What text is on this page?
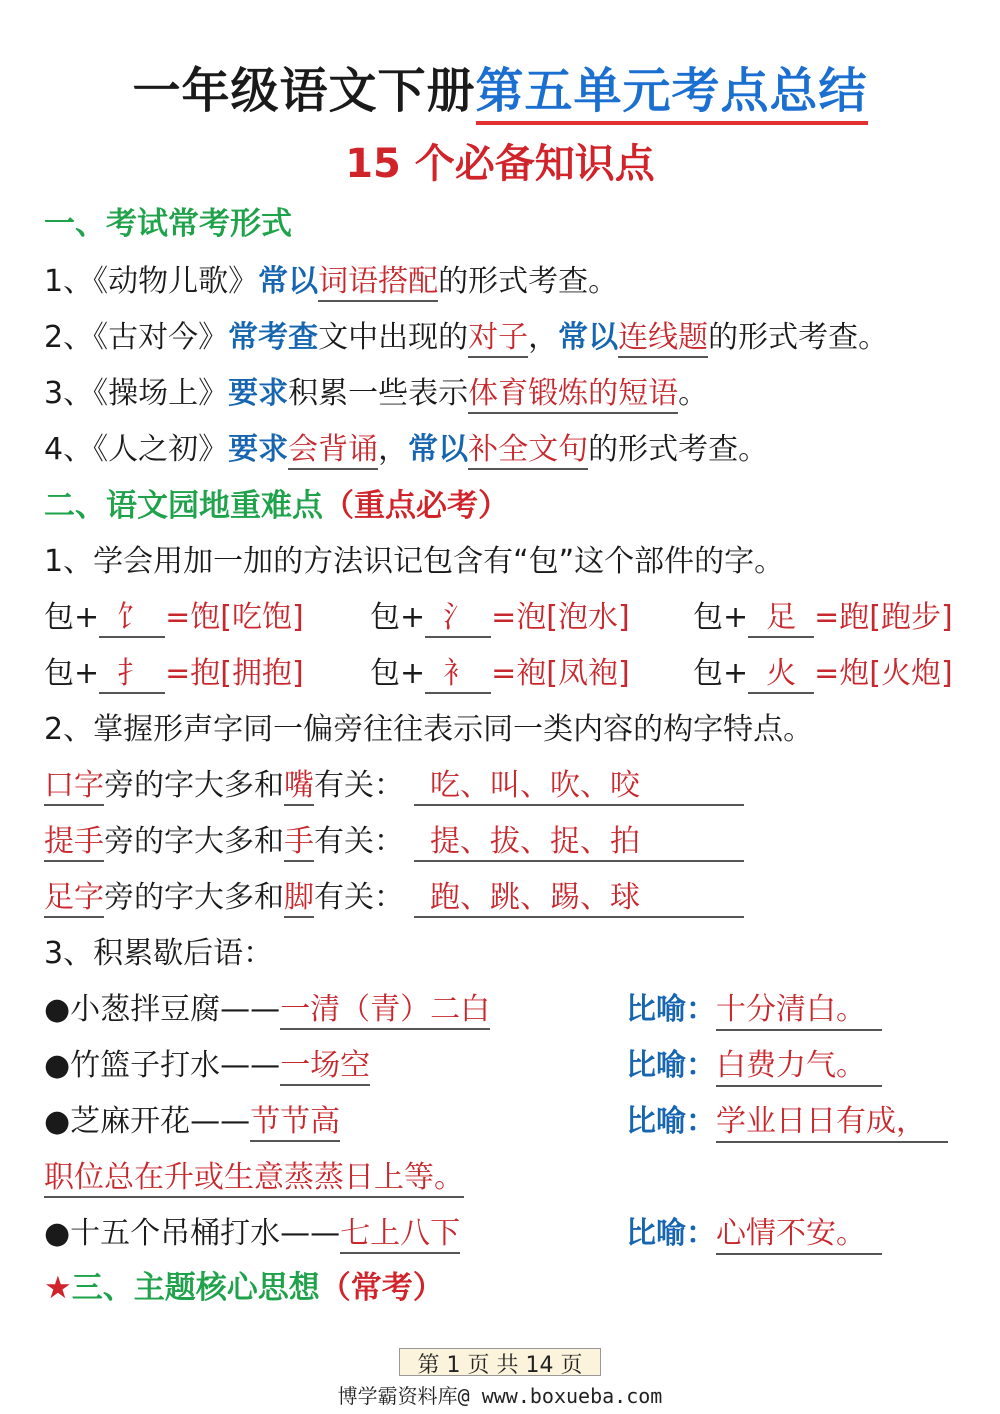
一年级语文下册第五单元考点总结
15 个必备知识点
一、考试常考形式
1、《动物儿歌》常以词语搭配的形式考查。
2、《古对今》常考查文中出现的对子，常以连线题的形式考查。
3、《操场上》要求积累一些表示体育锻炼的短语。
4、《人之初》要求会背诵，常以补全文句的形式考查。
二、语文园地重难点（重点必考）
1、学会用加一加的方法识记包含有“包”这个部件的字。
包+ 饣 =饱[吃饱] 包+ 氵 =泡[泡水] 包+ 足 =跑[跑步]
包+ 扌 =抱[拥抱] 包+ 衤 =袍[凤袍] 包+ 火 =炮[火炮]
2、掌握形声字同一偏旁往往表示同一类内容的构字特点。
口字旁的字大多和嘴有关： 吃、叫、吹、咬
提手旁的字大多和手有关： 提、拔、捉、拍
足字旁的字大多和脚有关： 跑、跳、踢、球
3、积累歇后语：
●小葱拌豆腐——一清（青）二白	比喻：十分清白。
●竹篮子打水——一场空	比喻：白费力气。
●芝麻开花——节节高	比喻：学业日日有成，
职位总在升或生意蒸蒸日上等。
●十五个吊桶打水——七上八下	比喻：心情不安。
★三、主题核心思想（常考）
第 1 页 共 14 页
博学霸资料库@ www.boxueba.com
